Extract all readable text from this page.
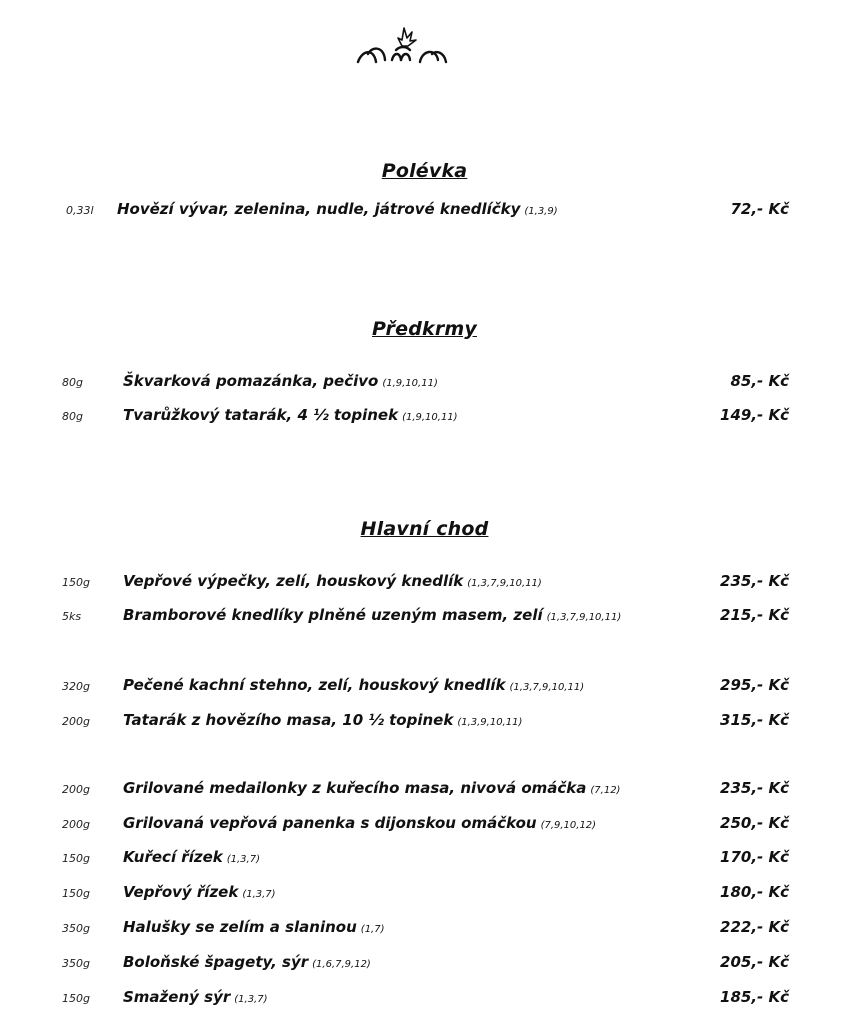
Polévka
0,33l Hovězí vývar, zelenina, nudle, játrové knedlíčky (1,3,9)	72,- Kč
Předkrmy
80g	Škvarková pomazánka, pečivo (1,9,10,11)	85,- Kč
80g	Tvarůžkový tatarák, 4 ½ topinek (1,9,10,11)	149,- Kč
Hlavní chod
150g Vepřové výpečky, zelí, houskový knedlík (1,3,7,9,10,11)	235,- Kč
5ks	Bramborové knedlíky plněné uzeným masem, zelí (1,3,7,9,10,11)	215,- Kč
320g Pečené kachní stehno, zelí, houskový knedlík (1,3,7,9,10,11)	295,- Kč
200g Tatarák z hovězího masa, 10 ½ topinek (1,3,9,10,11)	315,- Kč
200g Grilované medailonky z kuřecího masa, nivová omáčka (7,12)	235,- Kč
200g Grilovaná vepřová panenka s dijonskou omáčkou (7,9,10,12)	250,- Kč
150g Kuřecí řízek (1,3,7)	170,- Kč
150g Vepřový řízek (1,3,7)	180,- Kč
350g Halušky se zelím a slaninou (1,7)	222,- Kč
350g Boloňské špagety, sýr (1,6,7,9,12)	205,- Kč
150g Smažený sýr (1,3,7)	185,- Kč
